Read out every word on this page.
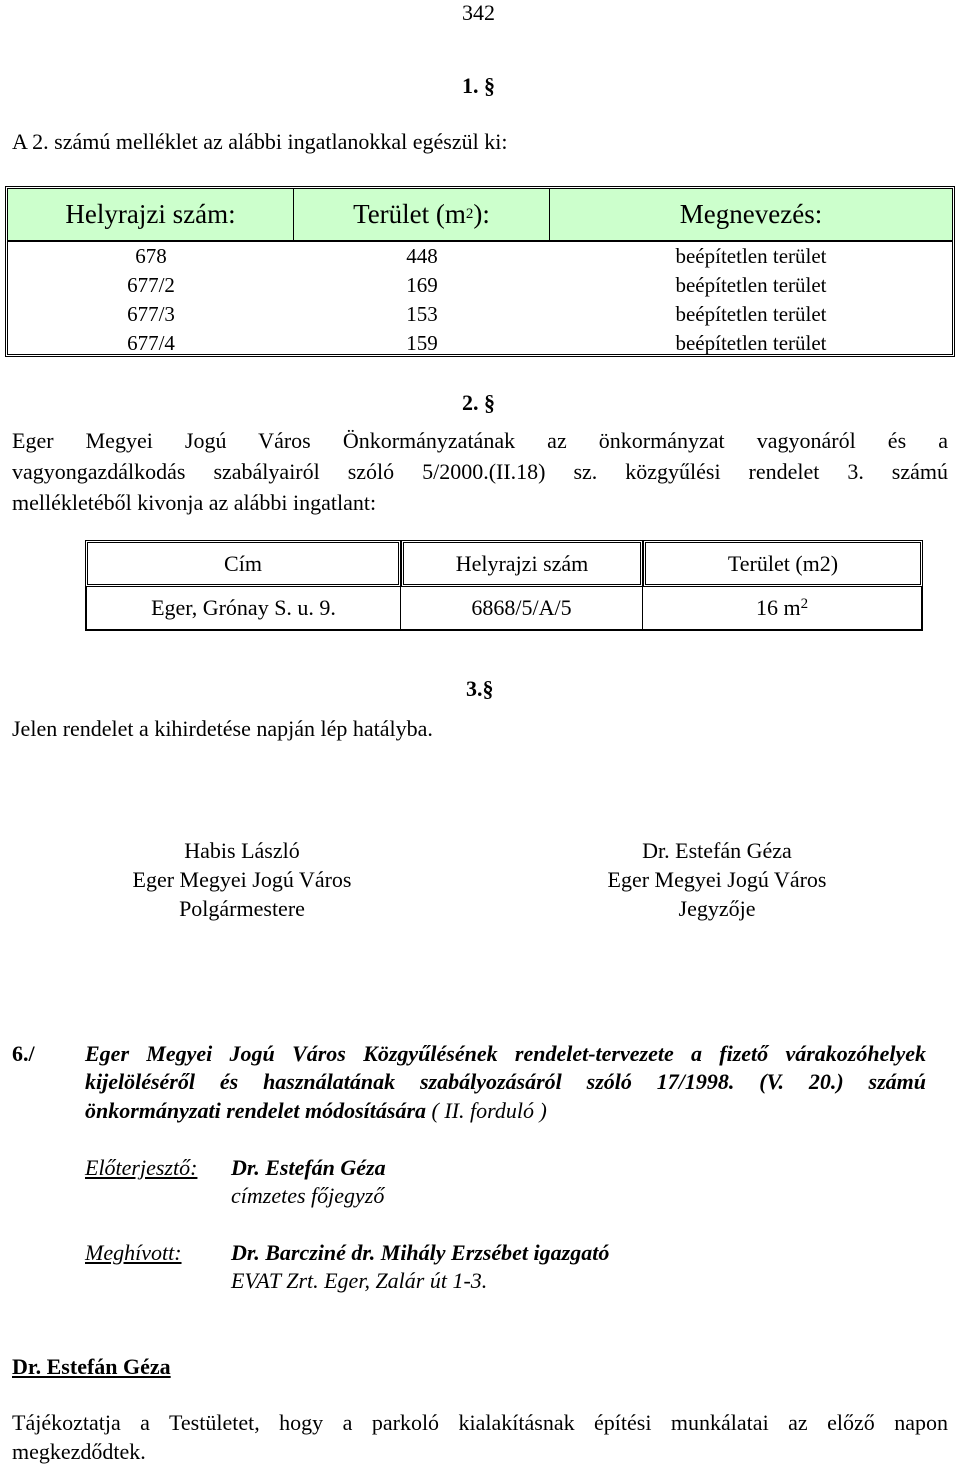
342
1. §
A 2. számú melléklet az alábbi ingatlanokkal egészül ki:
Helyrajzi szám:	Terület (m 2 ):	Megnevezés:
678	448	beépítetlen terület
677/2	169	beépítetlen terület
677/3	153	beépítetlen terület
677/4	159	beépítetlen terület
2. §
Eger Megyei Jogú Város Önkormányzatának az önkormányzat vagyonáról és a
vagyongazdálkodás szabályairól szóló 5/2000.(II.18) sz. közgyűlési rendelet 3. számú
mellékletéből kivonja az alábbi ingatlant:
Cím	Helyrajzi szám	Terület (m2)
Eger, Grónay S. u. 9.	6868/5/A/5	16 $m^2$
3.§
Jelen rendelet a kihirdetése napján lép hatályba.
Habis László
Eger Megyei Jogú Város
Polgármestere
Dr. Estefán Géza
Eger Megyei Jogú Város
Jegyzője
6./ Eger Megyei Jogú Város Közgyűlésének rendelet-tervezete a fizető várakozóhelyek
kijelöléséről és használatának szabályozásáról szóló 17/1998. (V. 20.) számú
önkormányzati rendelet módosítására ( II. forduló )
Előterjesztő: Dr. Estefán Géza
címzetes főjegyző
Meghívott: Dr. Barcziné dr. Mihály Erzsébet igazgató
EVAT Zrt. Eger, Zalár út 1-3.
Dr. Estefán Géza
Tájékoztatja a Testületet, hogy a parkoló kialakításnak építési munkálatai az előző napon
megkezdődtek.
